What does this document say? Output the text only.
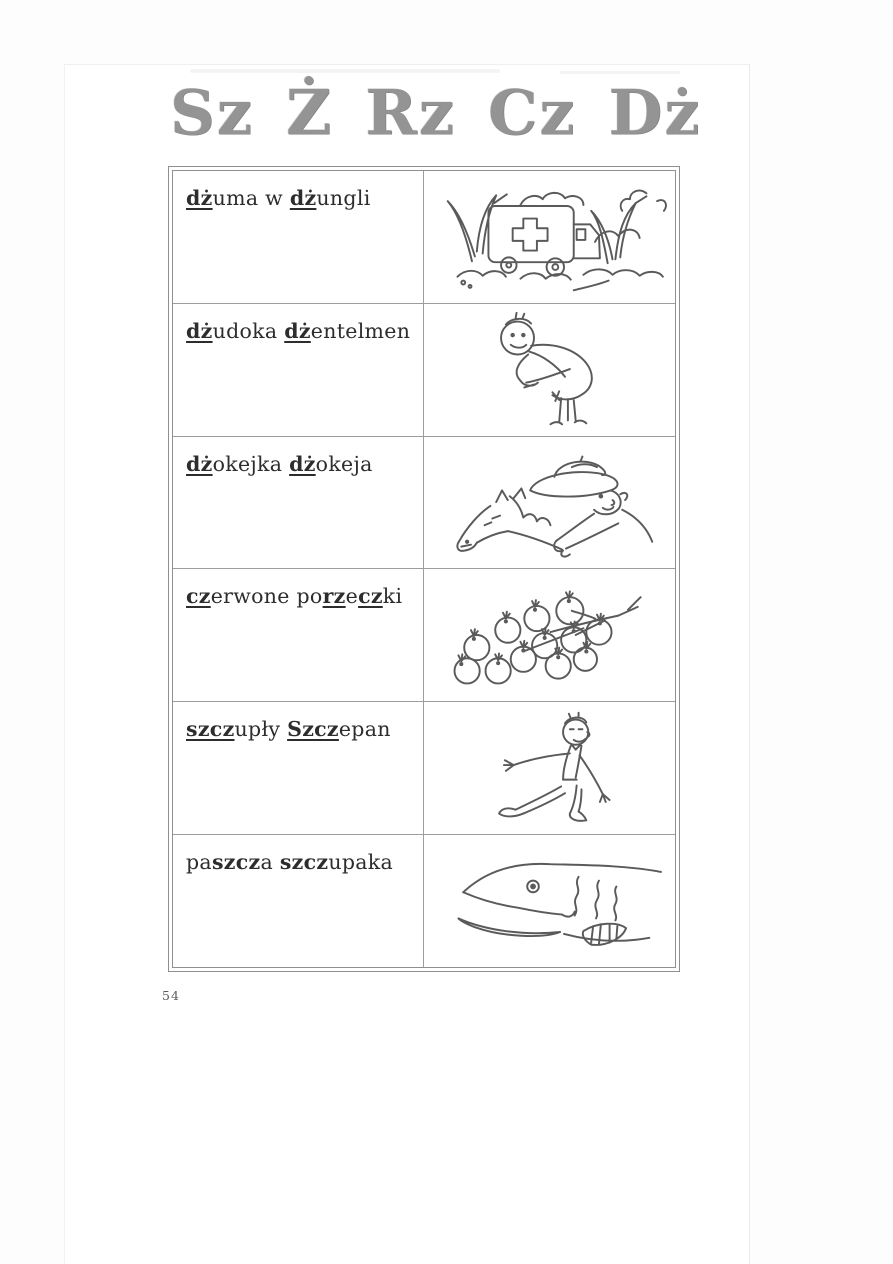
Sz Ż Rz Cz Dż
dżuma w dżungli
dżudoka dżentelmen
dżokejka dżokeja
czerwone porzeczki
szczupły Szczepan
paszcza szczupaka
54
